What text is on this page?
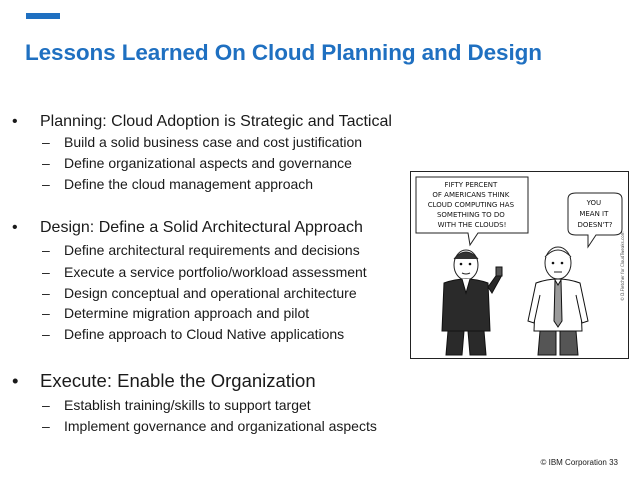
Lessons Learned On Cloud Planning and Design
• Planning: Cloud Adoption is Strategic and Tactical
– Build a solid business case and cost justification
– Define organizational aspects and governance
– Define the cloud management approach
• Design: Define a Solid Architectural Approach
– Define architectural requirements and decisions
– Execute a service portfolio/workload assessment
– Design conceptual and operational architecture
– Determine migration approach and pilot
– Define approach to Cloud Native applications
• Execute: Enable the Organization
– Establish training/skills to support target
– Implement governance and organizational aspects
FIFTY PERCENT OF AMERICANS THINK CLOUD COMPUTING HAS SOMETHING TO DO WITH THE CLOUDS!
YOU MEAN IT DOESN'T?
© D.Fletcher for CloudTweaks.com
© IBM Corporation 33
